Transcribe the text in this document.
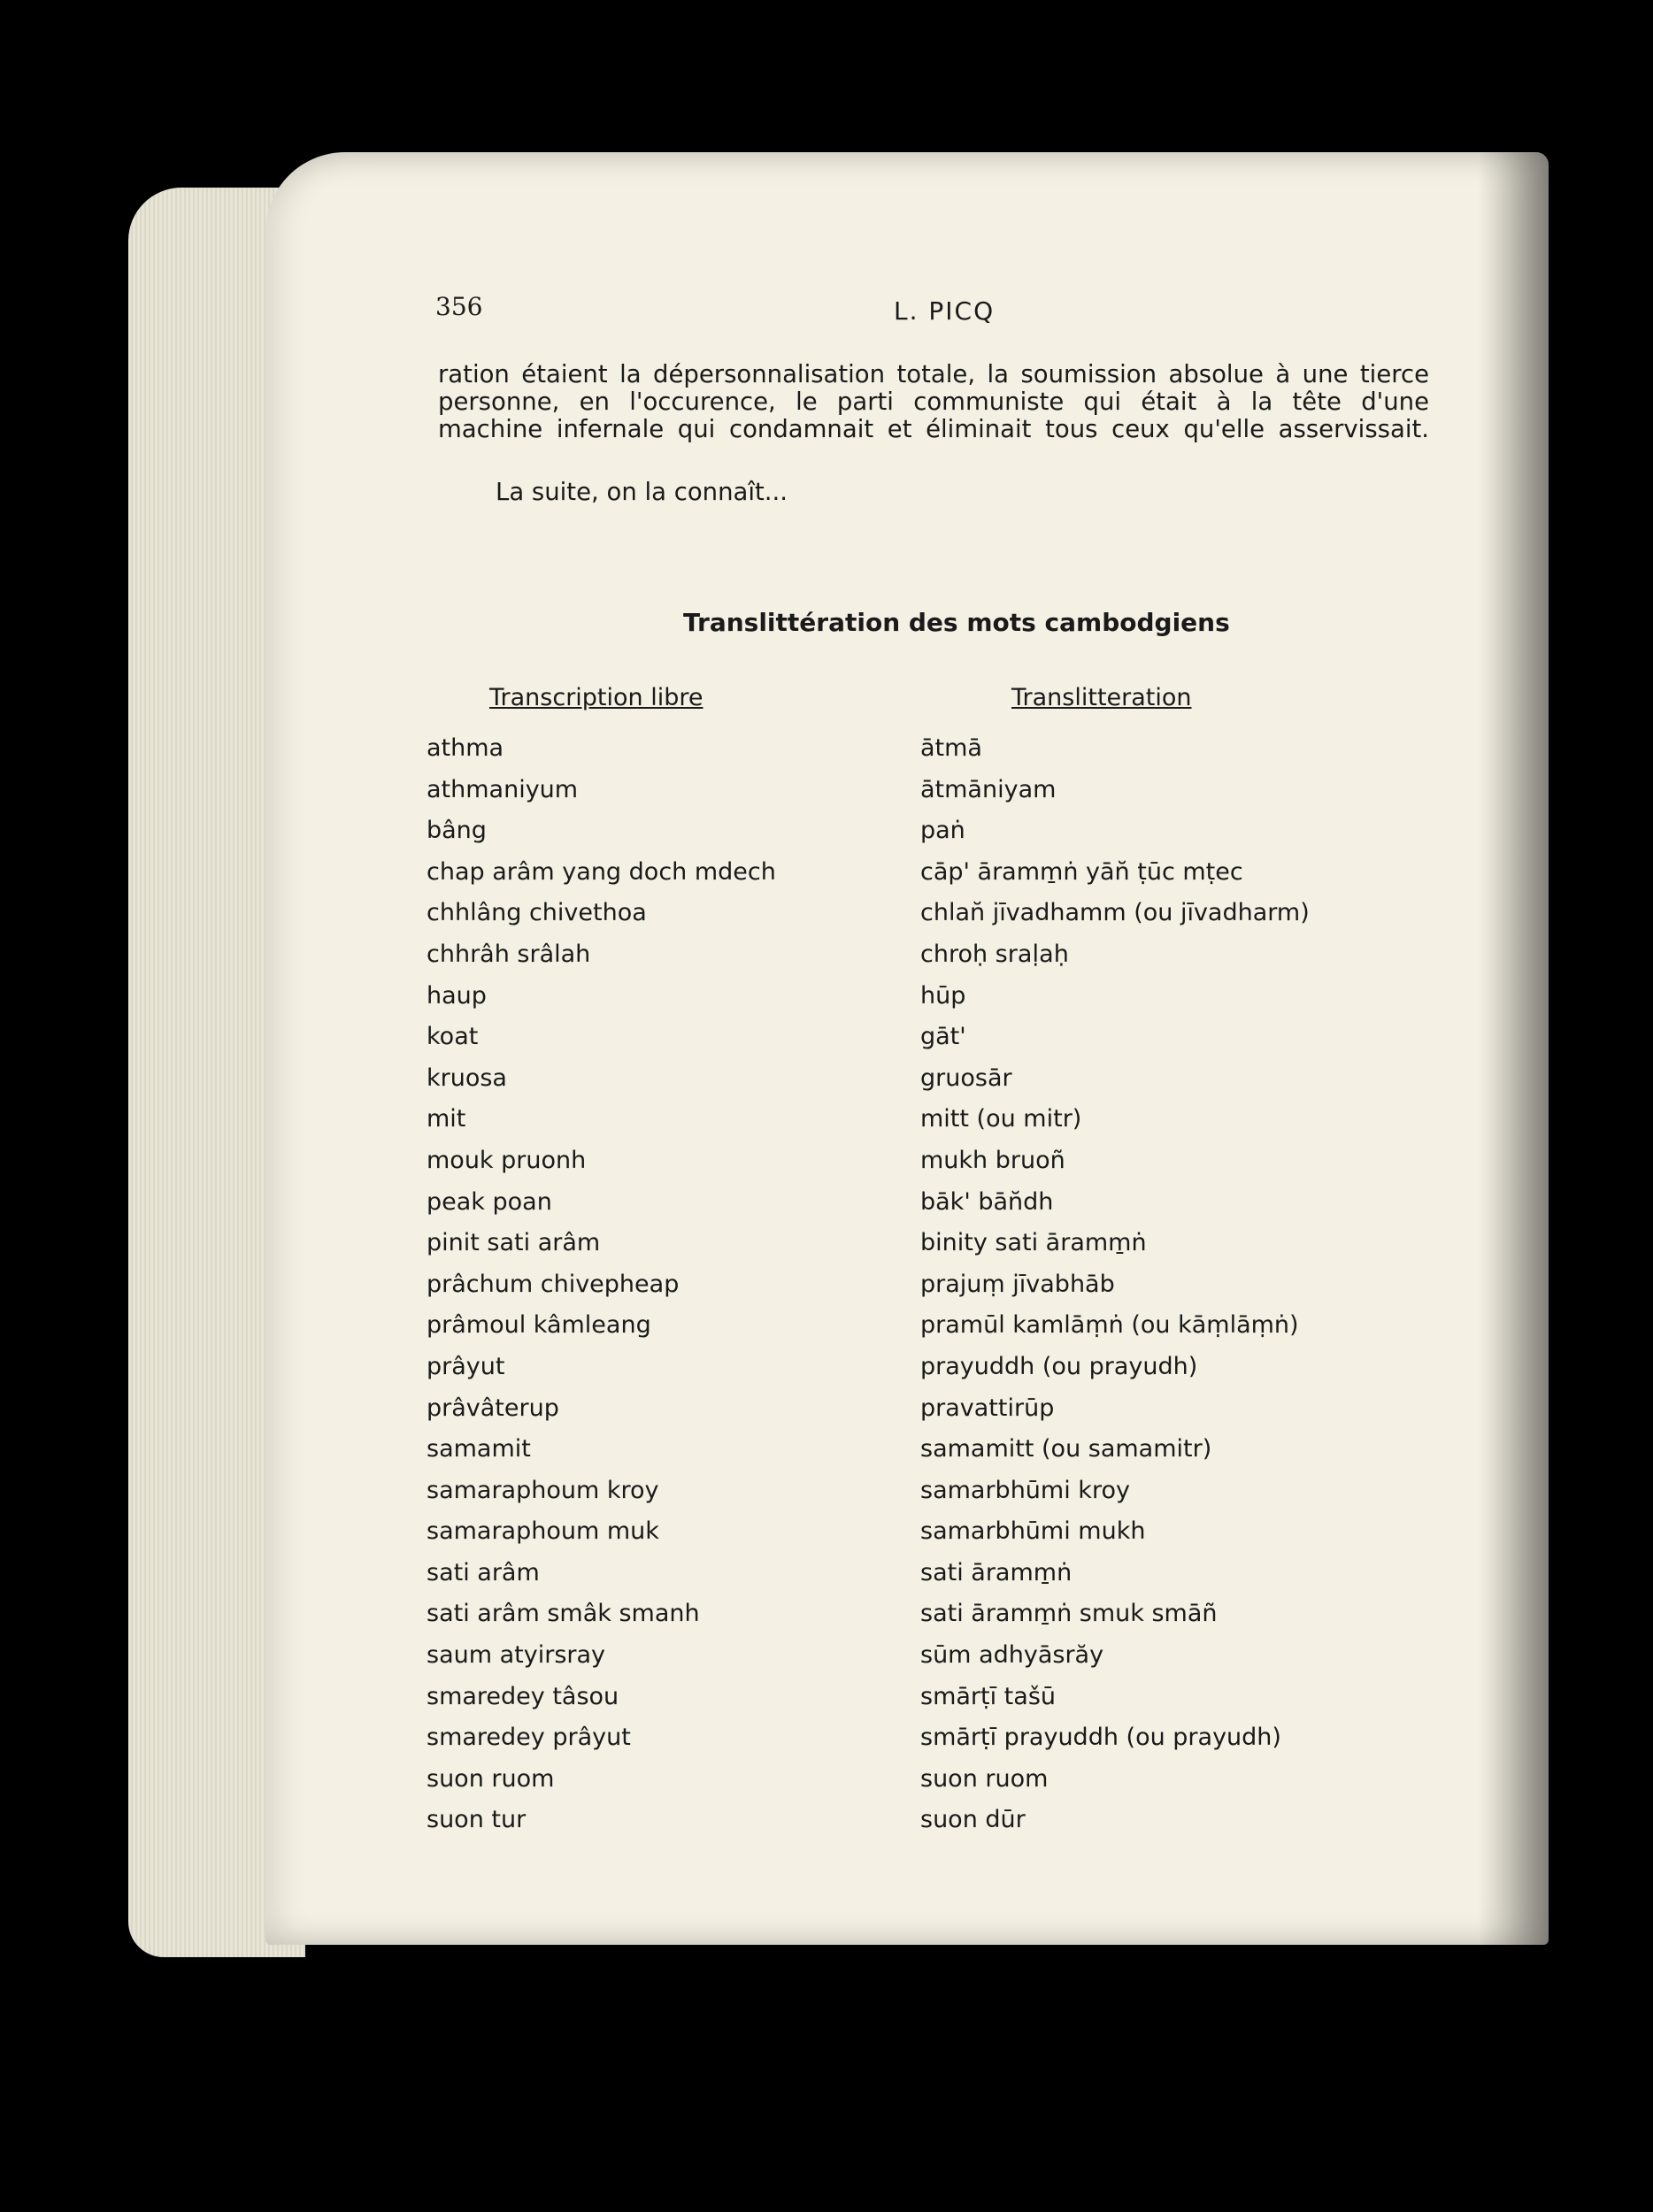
356	L. PICQ
ration étaient la dépersonnalisation totale, la soumission absolue à une tierce
personne, en l'occurence, le parti communiste qui était à la tête d'une
machine infernale qui condamnait et éliminait tous ceux qu'elle asservissait.
La suite, on la connaît...
Translittération des mots cambodgiens
Transcription libre	Translitteration
athma
athmaniyum
bâng
chap arâm yang doch mdech
chhlâng chivethoa
chhrâh srâlah
haup
koat
kruosa
mit
mouk pruonh
peak poan
pinit sati arâm
prâchum chivepheap
prâmoul kâmleang
prâyut
prâvâterup
samamit
samaraphoum kroy
samaraphoum muk
sati arâm
sati arâm smâk smanh
saum atyirsray
smaredey tâsou
smaredey prâyut
suon ruom
suon tur
ātmā
ātmāniyam
paṅ
cāp' āramm̱ṅ yān̆ ṭūc mṭec
chlan̆ jīvadhamm (ou jīvadharm)
chroḥ sraḷaḥ
hūp
gāt'
gruosār
mitt (ou mitr)
mukh bruoñ
bāk' bān̆dh
binity sati āramm̱ṅ
prajuṃ jīvabhāb
pramūl kamlāṃṅ (ou kāṃlāṃṅ)
prayuddh (ou prayudh)
pravattirūp
samamitt (ou samamitr)
samarbhūmi kroy
samarbhūmi mukh
sati āramm̱ṅ
sati āramm̱ṅ smuk smāñ
sūm adhyāsrăy
smārṭī tašū
smārṭī prayuddh (ou prayudh)
suon ruom
suon dūr
